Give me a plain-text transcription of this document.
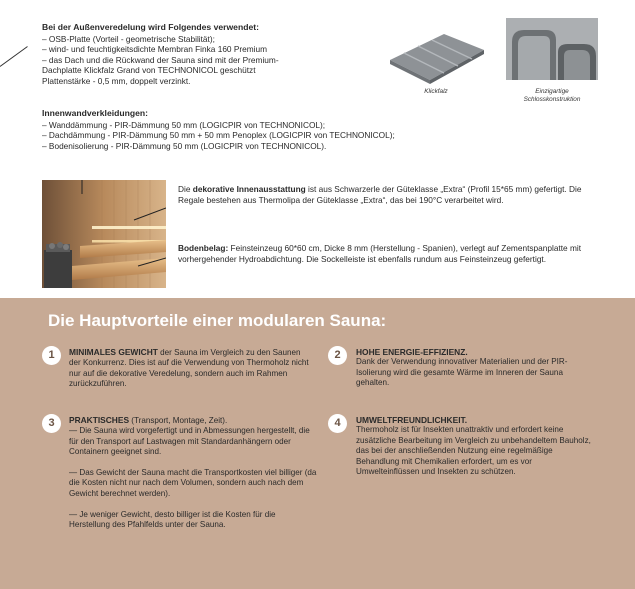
Bei der Außenveredelung wird Folgendes verwendet:
– OSB-Platte (Vorteil - geometrische Stabilität);
– wind- und feuchtigkeitsdichte Membran Finka 160 Premium
– das Dach und die Rückwand der Sauna sind mit der Premium-
Dachplatte Klickfalz Grand von TECHNONICOL geschützt
Plattenstärke - 0,5 mm, doppelt verzinkt.
Klickfalz	Einzigartige
Schlosskonstruktion
Innenwandverkleidungen:
– Wanddämmung - PIR-Dämmung 50 mm (LOGICPIR von TECHNONICOL);
– Dachdämmung - PIR-Dämmung 50 mm + 50 mm Penoplex (LOGICPIR von TECHNONICOL);
– Bodenisolierung - PIR-Dämmung 50 mm (LOGICPIR von TECHNONICOL).
Die dekorative Innenausstattung ist aus Schwarzerle der Güteklasse „Extra“ (Profil 15*65 mm) gefertigt. Die Regale bestehen aus Thermolipa der Güteklasse „Extra“, das bei 190°C verarbeitet wird.
Bodenbelag: Feinsteinzeug 60*60 cm, Dicke 8 mm (Herstellung - Spanien), verlegt auf Zementspanplatte mit vorhergehender Hydroabdichtung. Die Sockelleiste ist ebenfalls rundum aus Feinsteinzeug gefertigt.
Die Hauptvorteile einer modularen Sauna:
1	MINIMALES GEWICHT der Sauna im Vergleich zu den Saunen der Konkurrenz. Dies ist auf die Verwendung von Thermoholz nicht nur auf die dekorative Veredelung, sondern auch im Rahmen zurückzuführen.
2	HOHE ENERGIE-EFFIZIENZ.

Dank der Verwendung innovativer Materialien und der PIR-Isolierung wird die gesamte Wärme im Inneren der Sauna gehalten.

3	PRAKTISCHES (Transport, Montage, Zeit).

— Die Sauna wird vorgefertigt und in Abmessungen hergestellt, die für den Transport auf Lastwagen mit Standardanhängern oder Containern geeignet sind.

— Das Gewicht der Sauna macht die Transportkosten viel billiger (da die Kosten nicht nur nach dem Volumen, sondern auch nach dem Gewicht berechnet werden).

— Je weniger Gewicht, desto billiger ist die Kosten für die Herstellung des Pfahlfelds unter der Sauna.

4	UMWELTFREUNDLICHKEIT.

Thermoholz ist für Insekten unattraktiv und erfordert keine zusätzliche Bearbeitung im Vergleich zu unbehandeltem Bauholz, das bei der anschließenden Nutzung eine regelmäßige Behandlung mit Chemikalien erfordert, um es vor Umwelteinflüssen und Insekten zu schützen.
